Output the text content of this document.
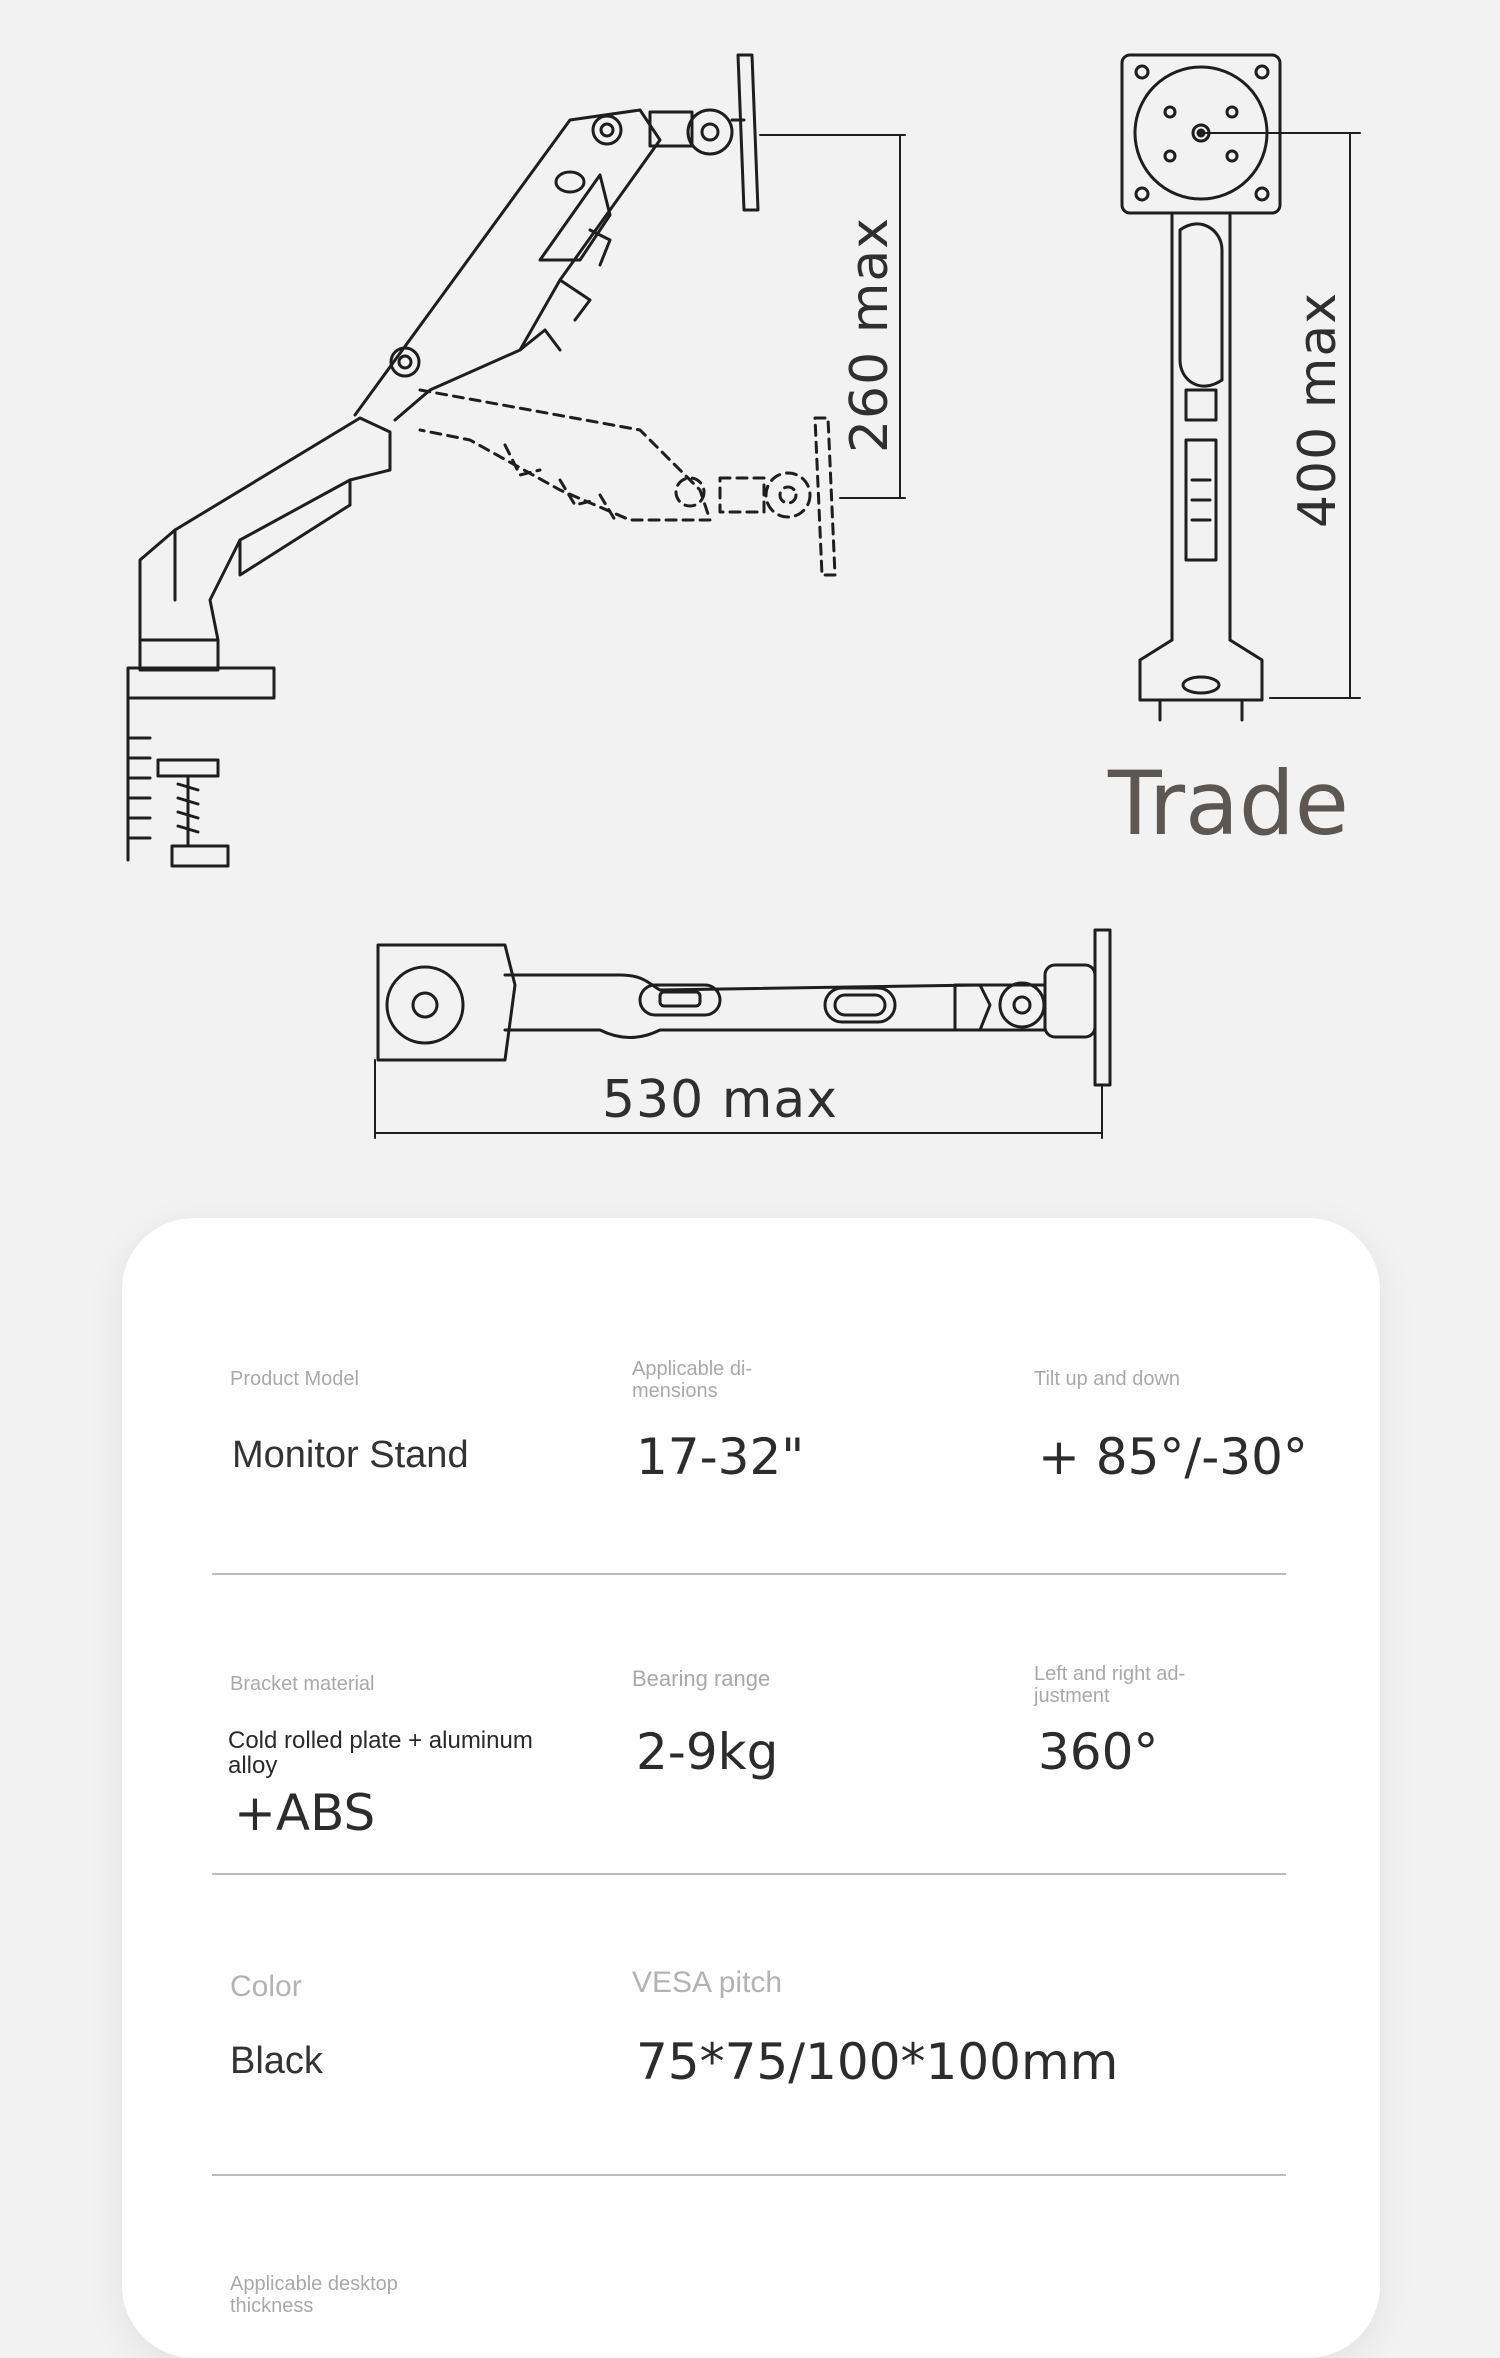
260 max	400 max
530 max
Trade
Product Model
Monitor Stand
Applicable di-
mensions
17-32"
Tilt up and down
+ 85°/-30°
Bracket material
Cold rolled plate + aluminum alloy
+ABS
Bearing range
2-9kg
Left and right ad-
justment
360°
Color
Black
VESA pitch
75*75/100*100mm
Applicable desktop
thickness
